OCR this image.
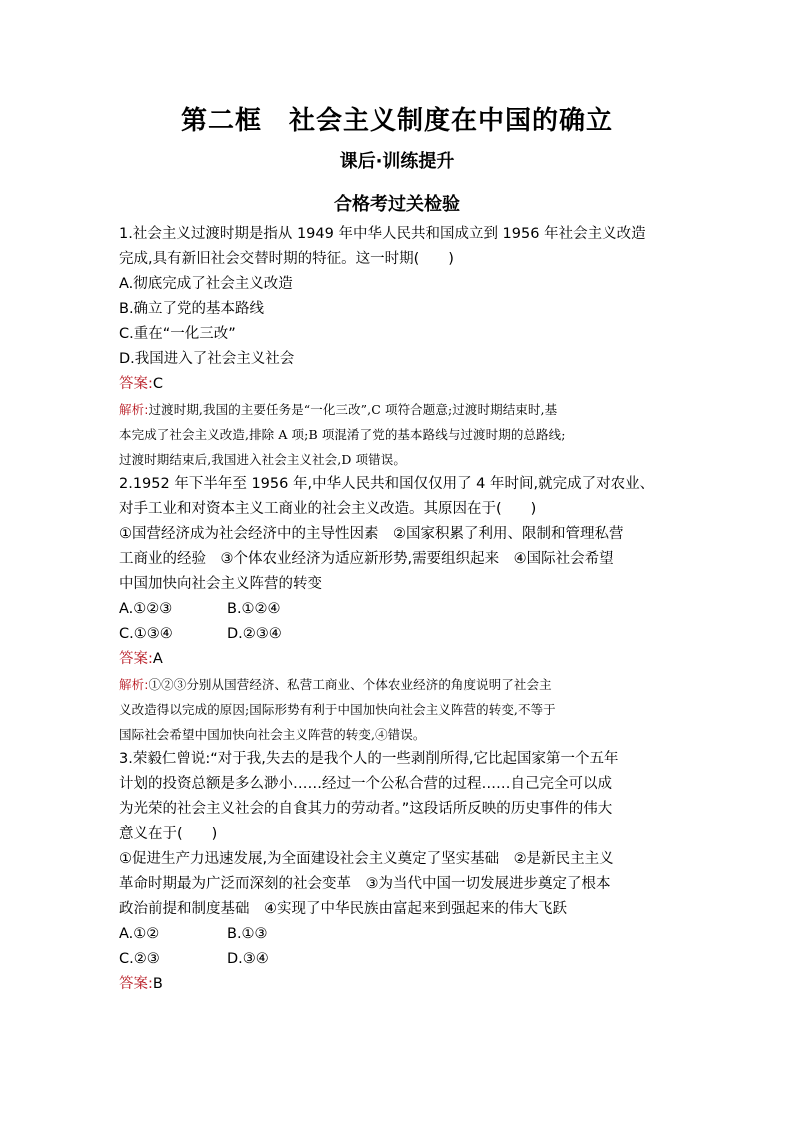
第二框　社会主义制度在中国的确立
课后·训练提升
合格考过关检验
1.社会主义过渡时期是指从 1949 年中华人民共和国成立到 1956 年社会主义改造
完成,具有新旧社会交替时期的特征。这一时期(　　)
A.彻底完成了社会主义改造
B.确立了党的基本路线
C.重在“一化三改”
D.我国进入了社会主义社会
答案:C
解析:过渡时期,我国的主要任务是“一化三改”,C 项符合题意;过渡时期结束时,基
本完成了社会主义改造,排除 A 项;B 项混淆了党的基本路线与过渡时期的总路线;
过渡时期结束后,我国进入社会主义社会,D 项错误。
2.1952 年下半年至 1956 年,中华人民共和国仅仅用了 4 年时间,就完成了对农业、
对手工业和对资本主义工商业的社会主义改造。其原因在于(　　)
①国营经济成为社会经济中的主导性因素　②国家积累了利用、限制和管理私营
工商业的经验　③个体农业经济为适应新形势,需要组织起来　④国际社会希望
中国加快向社会主义阵营的转变
A.①②③	B.①②④
C.①③④	D.②③④
答案:A
解析:①②③分别从国营经济、私营工商业、个体农业经济的角度说明了社会主
义改造得以完成的原因;国际形势有利于中国加快向社会主义阵营的转变,不等于
国际社会希望中国加快向社会主义阵营的转变,④错误。
3.荣毅仁曾说:“对于我,失去的是我个人的一些剥削所得,它比起国家第一个五年
计划的投资总额是多么渺小……经过一个公私合营的过程……自己完全可以成
为光荣的社会主义社会的自食其力的劳动者。”这段话所反映的历史事件的伟大
意义在于(　　)
①促进生产力迅速发展,为全面建设社会主义奠定了坚实基础　②是新民主主义
革命时期最为广泛而深刻的社会变革　③为当代中国一切发展进步奠定了根本
政治前提和制度基础　④实现了中华民族由富起来到强起来的伟大飞跃
A.①②	B.①③
C.②③	D.③④
答案:B
